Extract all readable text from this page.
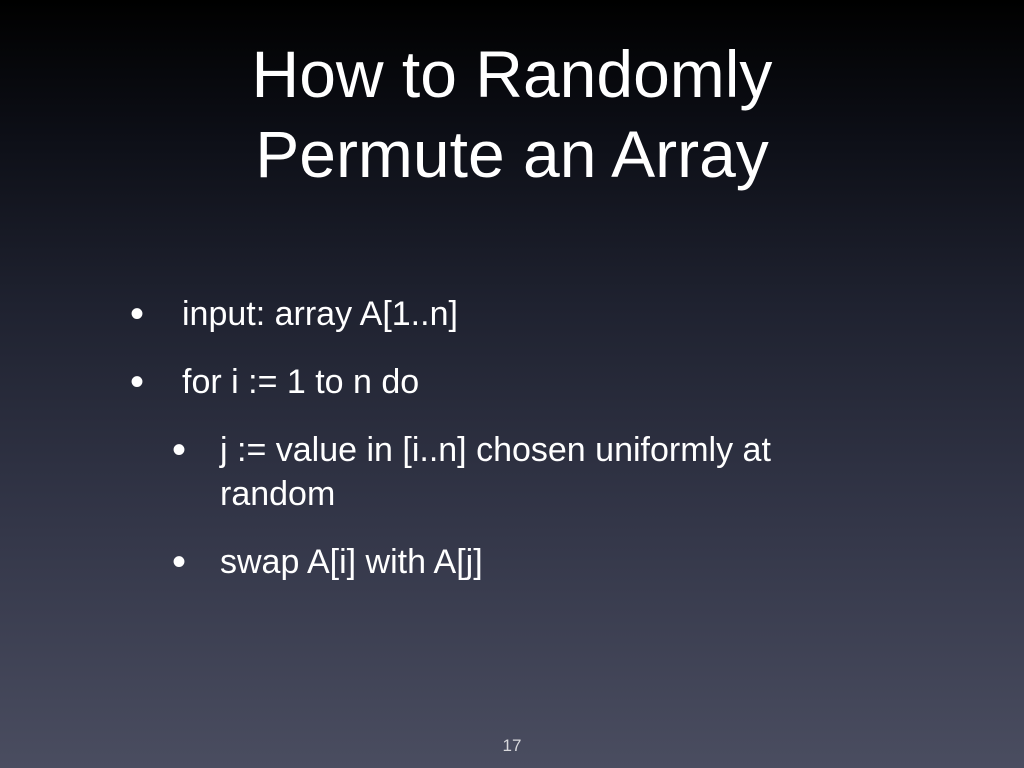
How to Randomly
Permute an Array
• input: array A[1..n]
• for i := 1 to n do
• j := value in [i..n] chosen uniformly at random
• swap A[i] with A[j]
17
